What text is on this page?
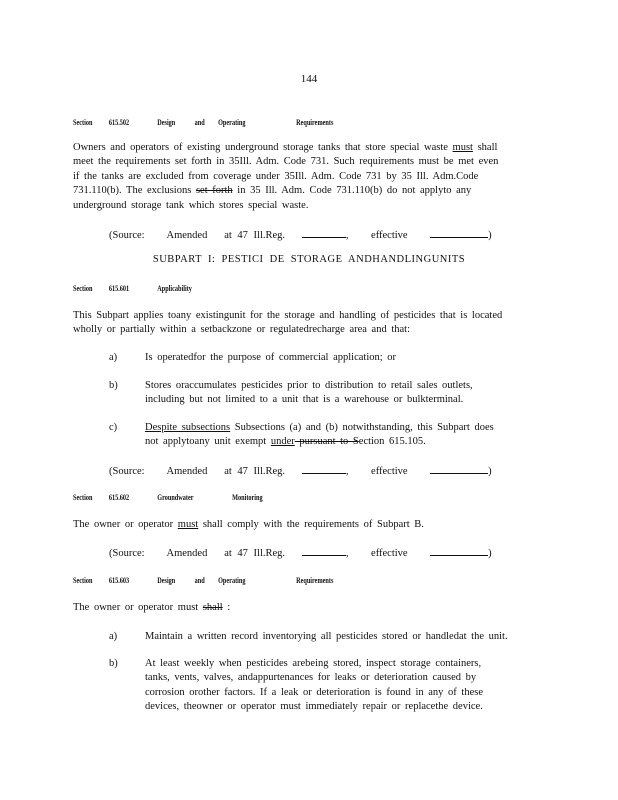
144
Section 615.502	Design and Operating	Requirements
Owners and operators of existing underground storage tanks that store special waste must shall
meet the requirements set forth in 35Ill. Adm. Code 731. Such requirements must be met even
if the tanks are excluded from coverage under 35Ill. Adm. Code 731 by 35 Ill. Adm.Code
731.110(b). The exclusions set forth in 35 Ill. Adm. Code 731.110(b) do not applyto any
underground storage tank which stores special waste.
(Source: Amended at 47 Ill.Reg.	, effective	)
SUBPART I: PESTICI DE STORAGE ANDHANDLINGUNITS
Section 615.601	Applicability
This Subpart applies toany existingunit for the storage and handling of pesticides that is located
wholly or partially within a setbackzone or regulatedrecharge area and that:
a)	Is operatedfor the purpose of commercial application; or
b)	Stores oraccumulates pesticides prior to distribution to retail sales outlets,
including but not limited to a unit that is a warehouse or bulkterminal.
c)	Despite subsections Subsections (a) and (b) notwithstanding, this Subpart does
not applytoany unit exempt under pursuant to Section 615.105.
(Source: Amended at 47 Ill.Reg.	, effective	)
Section 615.602	Groundwater	Monitoring
The owner or operator must shall comply with the requirements of Subpart B.
(Source: Amended at 47 Ill.Reg.	, effective	)
Section 615.603	Design and Operating	Requirements
The owner or operator must shall :
a)	Maintain a written record inventorying all pesticides stored or handledat the unit.
b)	At least weekly when pesticides arebeing stored, inspect storage containers,
tanks, vents, valves, andappurtenances for leaks or deterioration caused by
corrosion orother factors. If a leak or deterioration is found in any of these
devices, theowner or operator must immediately repair or replacethe device.
